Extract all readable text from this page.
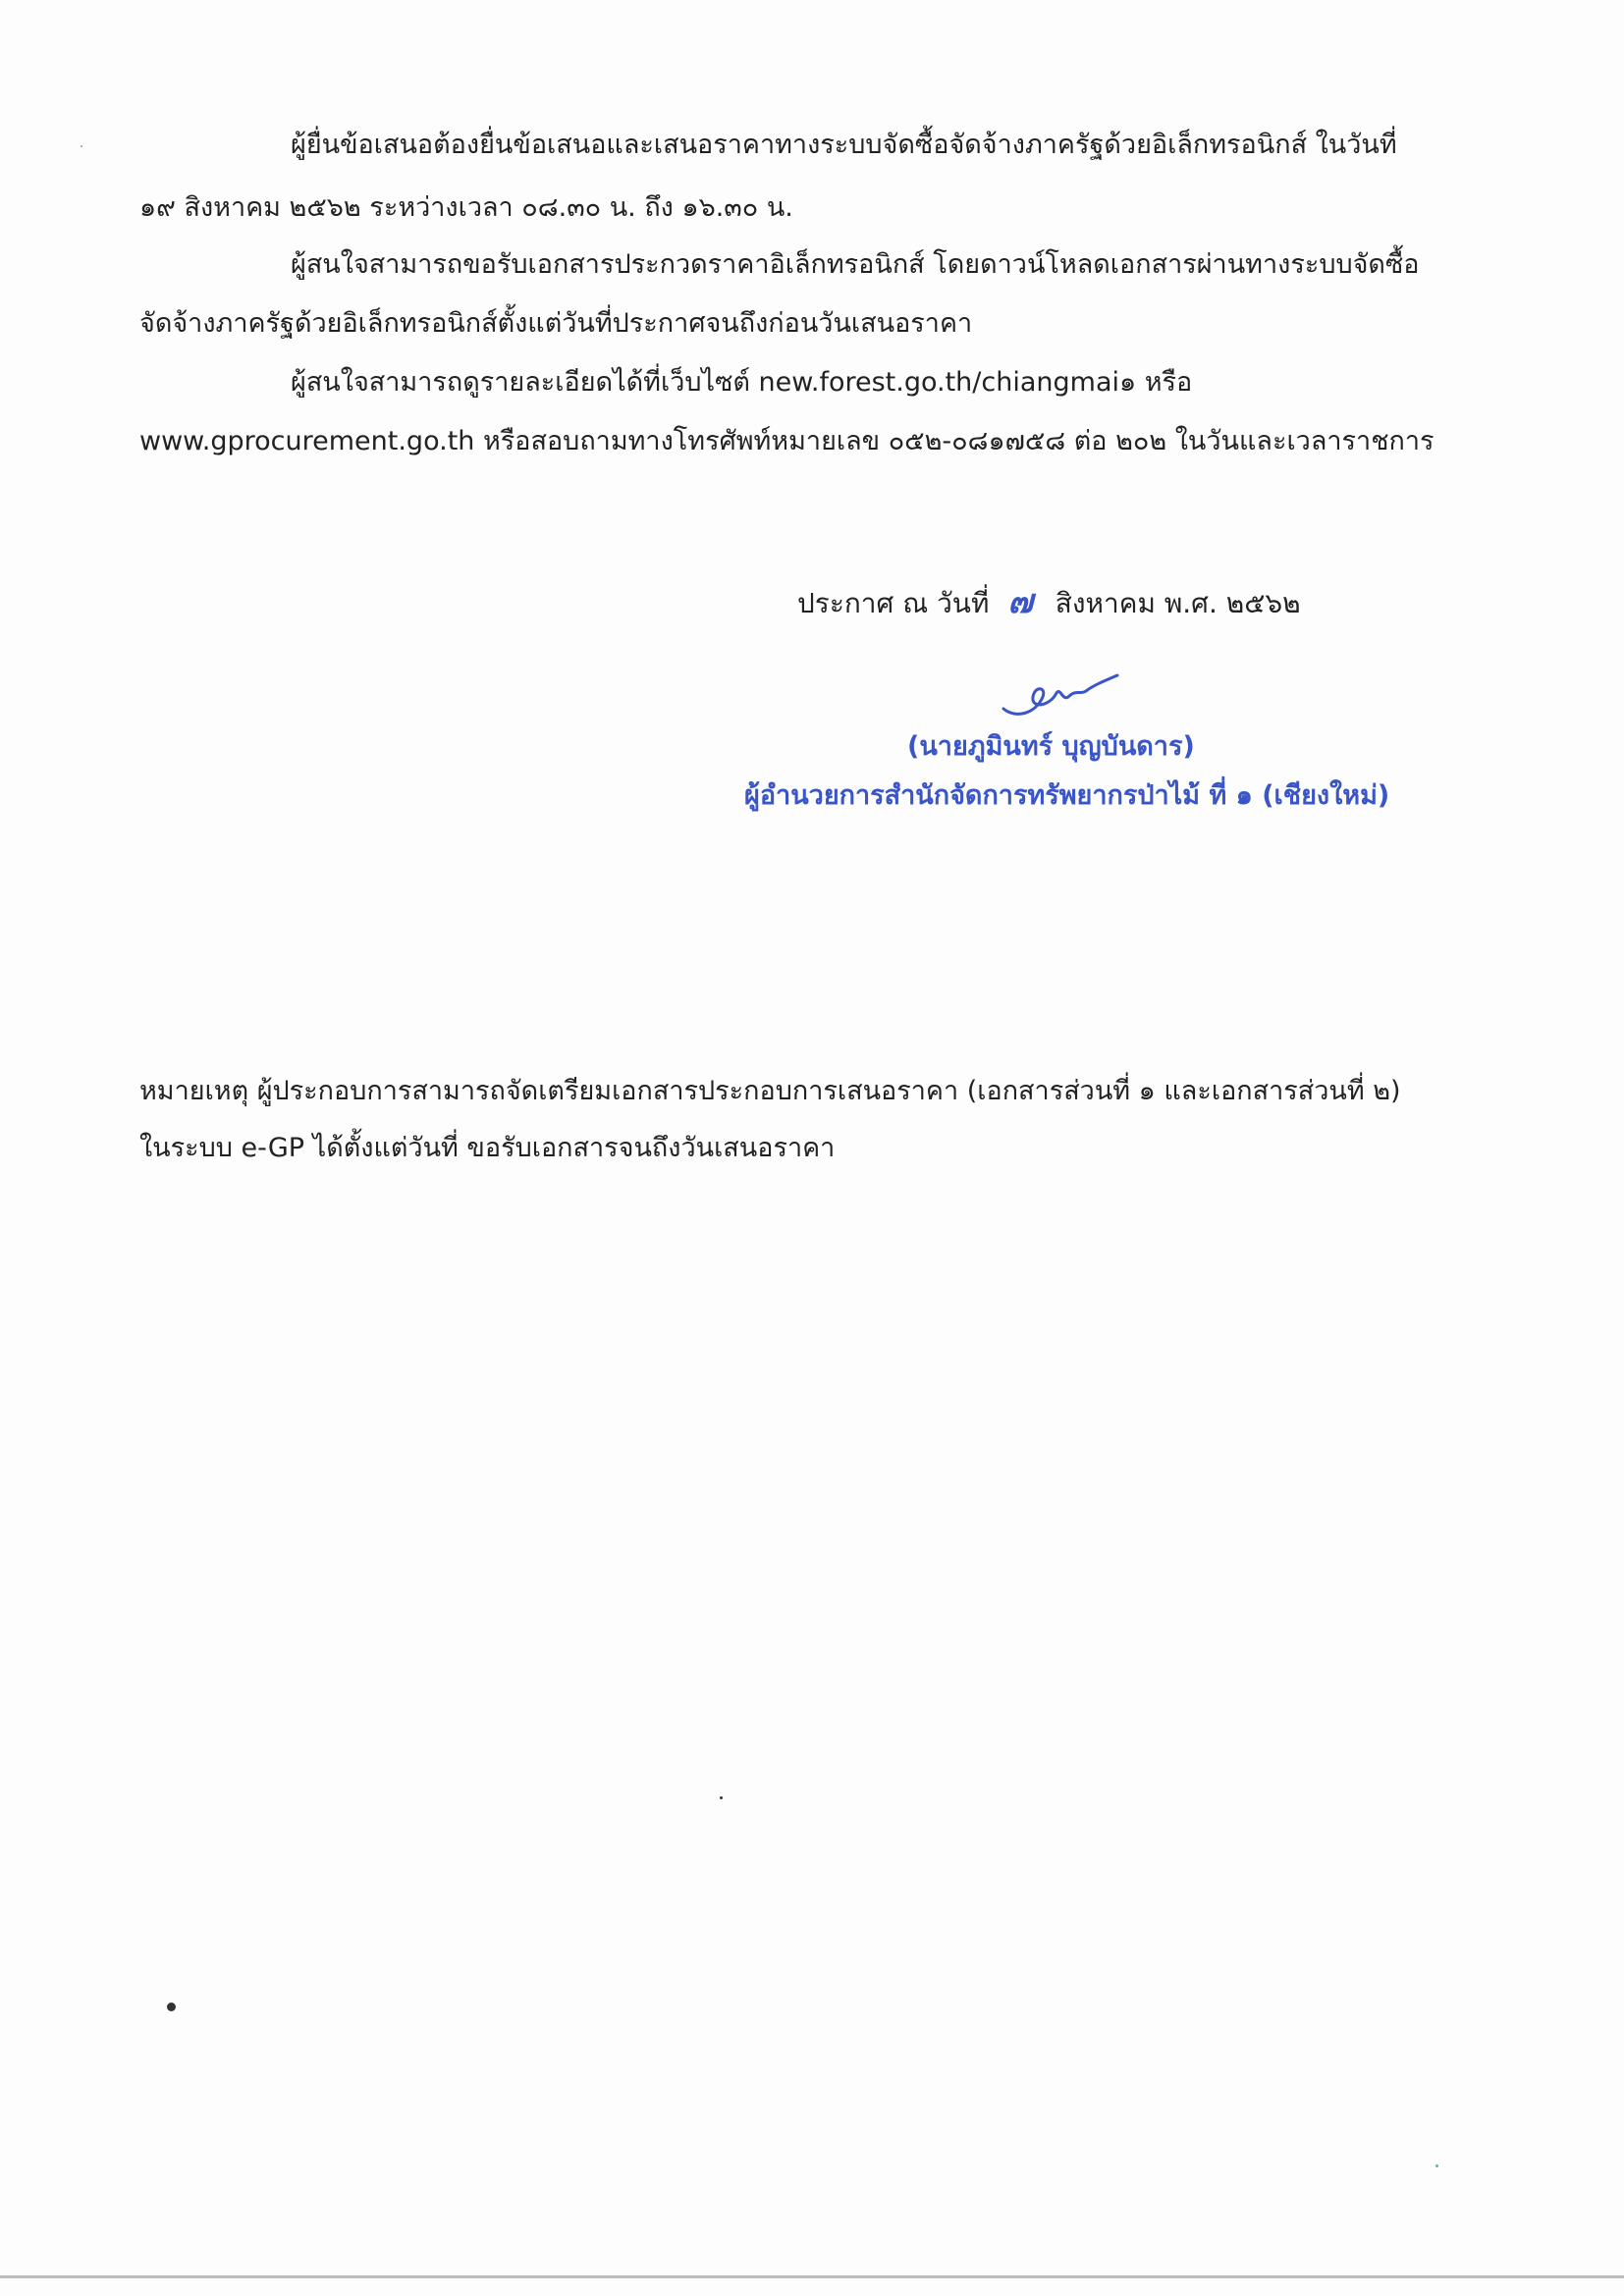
ผู้ยื่นข้อเสนอต้องยื่นข้อเสนอและเสนอราคาทางระบบจัดซื้อจัดจ้างภาครัฐด้วยอิเล็กทรอนิกส์ ในวันที่
๑๙ สิงหาคม ๒๕๖๒ ระหว่างเวลา ๐๘.๓๐ น. ถึง ๑๖.๓๐ น.
ผู้สนใจสามารถขอรับเอกสารประกวดราคาอิเล็กทรอนิกส์ โดยดาวน์โหลดเอกสารผ่านทางระบบจัดซื้อ
จัดจ้างภาครัฐด้วยอิเล็กทรอนิกส์ตั้งแต่วันที่ประกาศจนถึงก่อนวันเสนอราคา
ผู้สนใจสามารถดูรายละเอียดได้ที่เว็บไซต์ new.forest.go.th/chiangmai๑ หรือ
www.gprocurement.go.th หรือสอบถามทางโทรศัพท์หมายเลข ๐๕๒-๐๘๑๗๕๘ ต่อ ๒๐๒ ในวันและเวลาราชการ
ประกาศ ณ วันที่ ๗ สิงหาคม พ.ศ. ๒๕๖๒
(นายภูมินทร์ บุญบันดาร)
ผู้อำนวยการสำนักจัดการทรัพยากรป่าไม้ ที่ ๑ (เชียงใหม่)
หมายเหตุ ผู้ประกอบการสามารถจัดเตรียมเอกสารประกอบการเสนอราคา (เอกสารส่วนที่ ๑ และเอกสารส่วนที่ ๒)
ในระบบ e-GP ได้ตั้งแต่วันที่ ขอรับเอกสารจนถึงวันเสนอราคา
